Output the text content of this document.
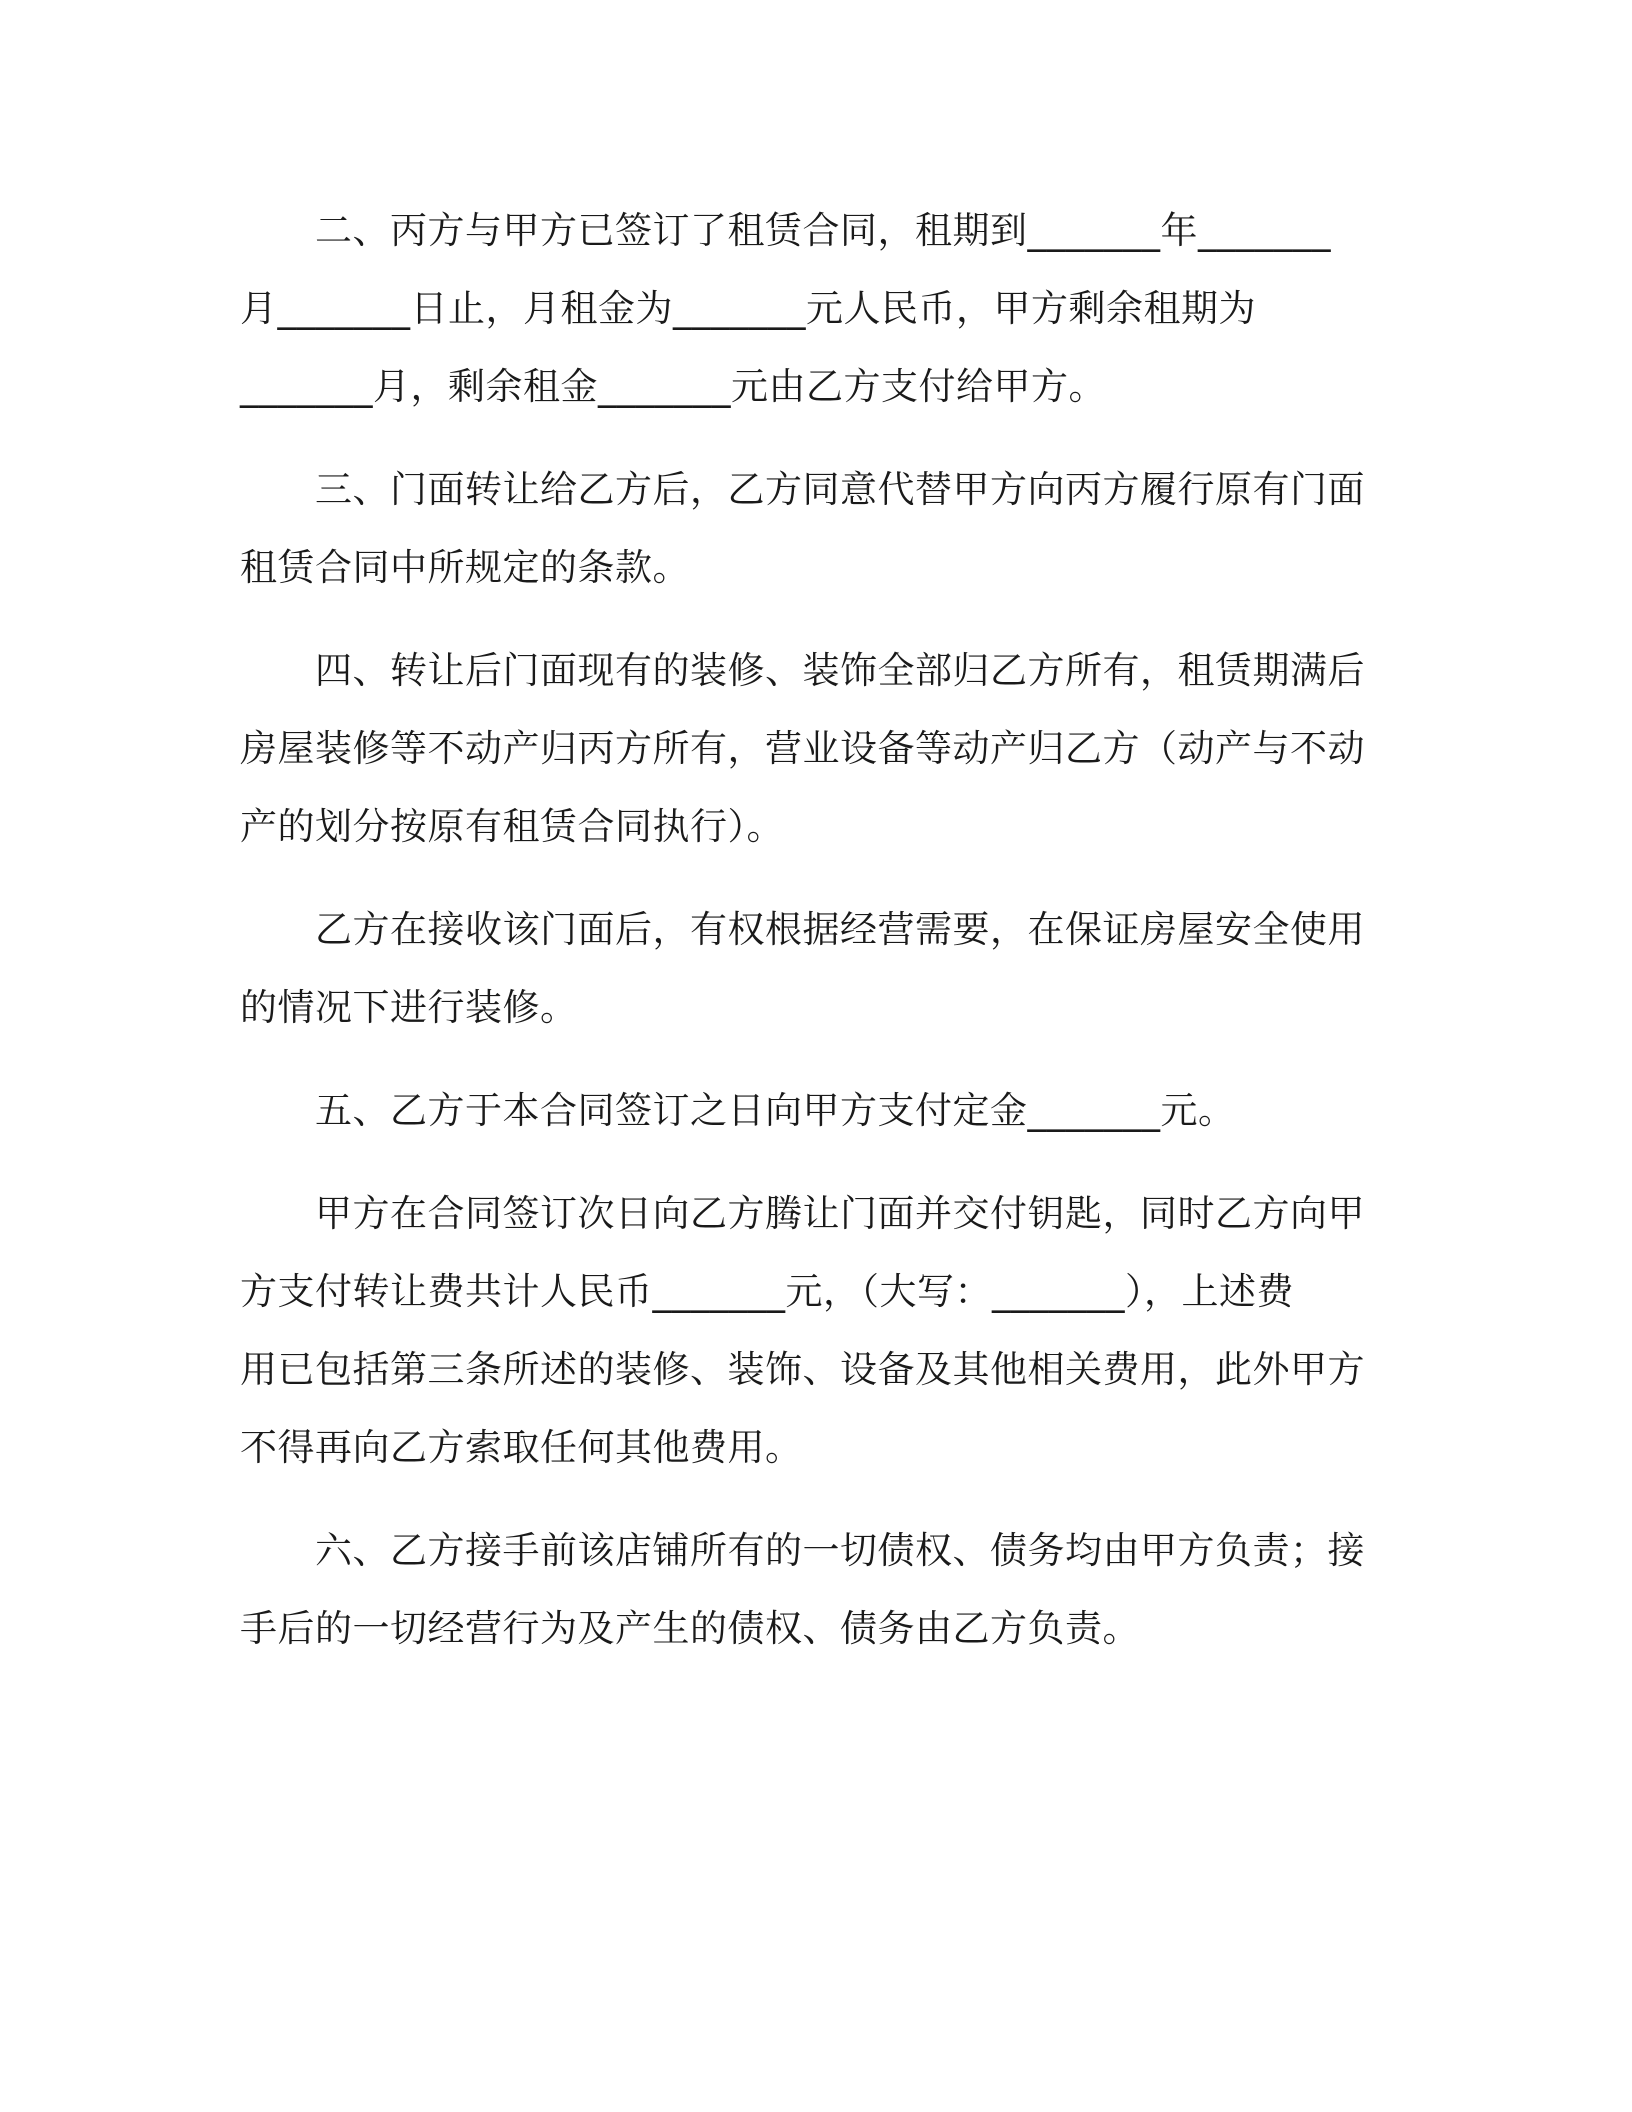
　　二、丙方与甲方已签订了租赁合同，租期到_______年_______
月_______日止，月租金为_______元人民币，甲方剩余租期为
_______月，剩余租金_______元由乙方支付给甲方。

　　三、门面转让给乙方后，乙方同意代替甲方向丙方履行原有门面
租赁合同中所规定的条款。

　　四、转让后门面现有的装修、装饰全部归乙方所有，租赁期满后
房屋装修等不动产归丙方所有，营业设备等动产归乙方（动产与不动
产的划分按原有租赁合同执行）。

　　乙方在接收该门面后，有权根据经营需要，在保证房屋安全使用
的情况下进行装修。

　　五、乙方于本合同签订之日向甲方支付定金_______元。

　　甲方在合同签订次日向乙方腾让门面并交付钥匙，同时乙方向甲
方支付转让费共计人民币_______元，（大写：_______），上述费
用已包括第三条所述的装修、装饰、设备及其他相关费用，此外甲方
不得再向乙方索取任何其他费用。

　　六、乙方接手前该店铺所有的一切债权、债务均由甲方负责；接
手后的一切经营行为及产生的债权、债务由乙方负责。
